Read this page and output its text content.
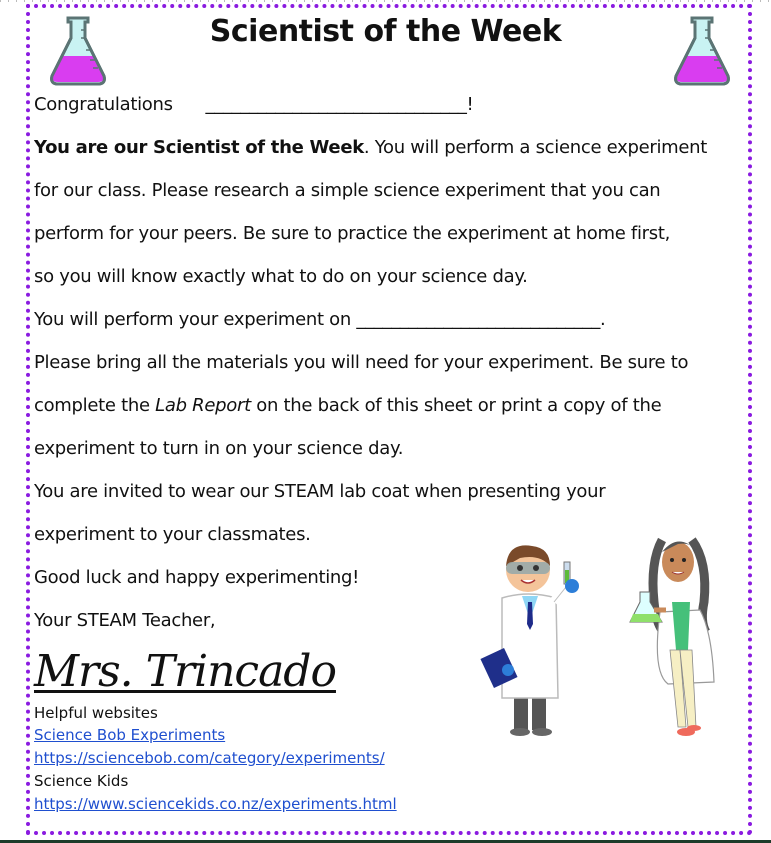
Scientist of the Week
Congratulations ______________________________!
You are our Scientist of the Week. You will perform a science experiment
for our class. Please research a simple science experiment that you can
perform for your peers. Be sure to practice the experiment at home first,
so you will know exactly what to do on your science day.
You will perform your experiment on ____________________________.
Please bring all the materials you will need for your experiment. Be sure to
complete the Lab Report on the back of this sheet or print a copy of the
experiment to turn in on your science day.
You are invited to wear our STEAM lab coat when presenting your
experiment to your classmates.
Good luck and happy experimenting!
Your STEAM Teacher,
Mrs. Trincado
Helpful websites
Science Bob Experiments
https://sciencebob.com/category/experiments/
Science Kids
https://www.sciencekids.co.nz/experiments.html
